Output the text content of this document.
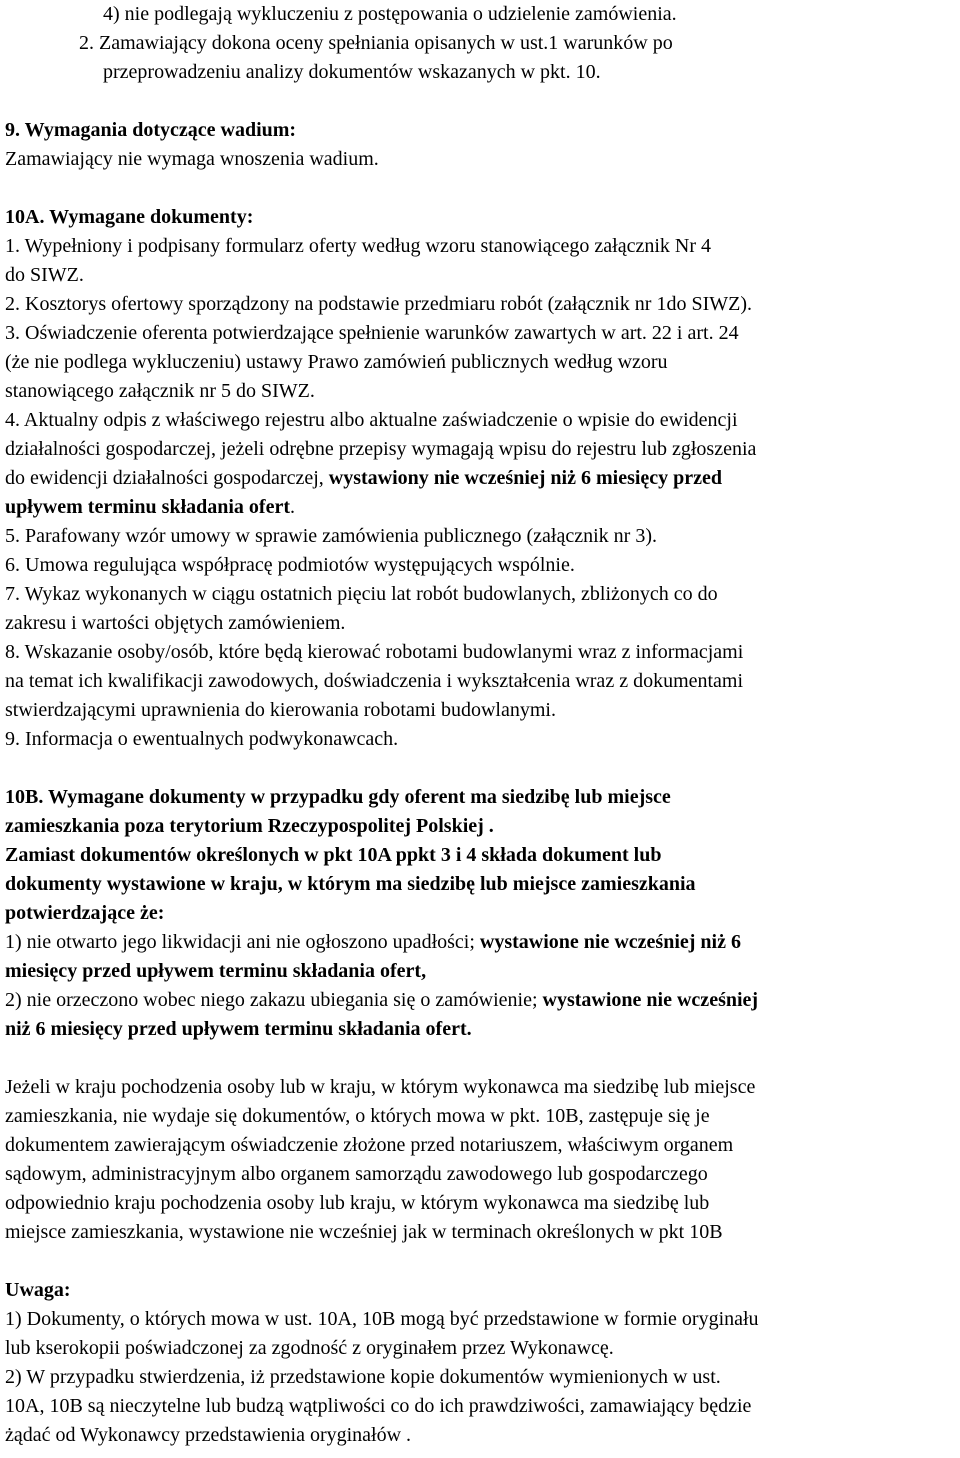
4) nie podlegają wykluczeniu z postępowania o udzielenie zamówienia.
2. Zamawiający dokona oceny spełniania opisanych w ust.1 warunków po
przeprowadzeniu analizy dokumentów wskazanych w pkt. 10.
9. Wymagania dotyczące wadium:
Zamawiający nie wymaga wnoszenia wadium.
10A. Wymagane dokumenty:
1. Wypełniony i podpisany formularz oferty według wzoru stanowiącego załącznik Nr 4
do SIWZ.
2. Kosztorys ofertowy sporządzony na podstawie przedmiaru robót (załącznik nr 1do SIWZ).
3. Oświadczenie oferenta potwierdzające spełnienie warunków zawartych w art. 22 i art. 24
(że nie podlega wykluczeniu) ustawy Prawo zamówień publicznych według wzoru
stanowiącego załącznik nr 5 do SIWZ.
4. Aktualny odpis z właściwego rejestru albo aktualne zaświadczenie o wpisie do ewidencji
działalności gospodarczej, jeżeli odrębne przepisy wymagają wpisu do rejestru lub zgłoszenia
do ewidencji działalności gospodarczej, wystawiony nie wcześniej niż 6 miesięcy przed
upływem terminu składania ofert.
5. Parafowany wzór umowy w sprawie zamówienia publicznego (załącznik nr 3).
6. Umowa regulująca współpracę podmiotów występujących wspólnie.
7. Wykaz wykonanych w ciągu ostatnich pięciu lat robót budowlanych, zbliżonych co do
zakresu i wartości objętych zamówieniem.
8. Wskazanie osoby/osób, które będą kierować robotami budowlanymi wraz z informacjami
na temat ich kwalifikacji zawodowych, doświadczenia i wykształcenia wraz z dokumentami
stwierdzającymi uprawnienia do kierowania robotami budowlanymi.
9. Informacja o ewentualnych podwykonawcach.
10B. Wymagane dokumenty w przypadku gdy oferent ma siedzibę lub miejsce
zamieszkania poza terytorium Rzeczypospolitej Polskiej .
Zamiast dokumentów określonych w pkt 10A ppkt 3 i 4 składa dokument lub
dokumenty wystawione w kraju, w którym ma siedzibę lub miejsce zamieszkania
potwierdzające że:
1) nie otwarto jego likwidacji ani nie ogłoszono upadłości; wystawione nie wcześniej niż 6
miesięcy przed upływem terminu składania ofert,
2) nie orzeczono wobec niego zakazu ubiegania się o zamówienie; wystawione nie wcześniej
niż 6 miesięcy przed upływem terminu składania ofert.
Jeżeli w kraju pochodzenia osoby lub w kraju, w którym wykonawca ma siedzibę lub miejsce
zamieszkania, nie wydaje się dokumentów, o których mowa w pkt. 10B, zastępuje się je
dokumentem zawierającym oświadczenie złożone przed notariuszem, właściwym organem
sądowym, administracyjnym albo organem samorządu zawodowego lub gospodarczego
odpowiednio kraju pochodzenia osoby lub kraju, w którym wykonawca ma siedzibę lub
miejsce zamieszkania, wystawione nie wcześniej jak w terminach określonych w pkt 10B
Uwaga:
1) Dokumenty, o których mowa w ust. 10A, 10B mogą być przedstawione w formie oryginału
lub kserokopii poświadczonej za zgodność z oryginałem przez Wykonawcę.
2) W przypadku stwierdzenia, iż przedstawione kopie dokumentów wymienionych w ust.
10A, 10B są nieczytelne lub budzą wątpliwości co do ich prawdziwości, zamawiający będzie
żądać od Wykonawcy przedstawienia oryginałów .
